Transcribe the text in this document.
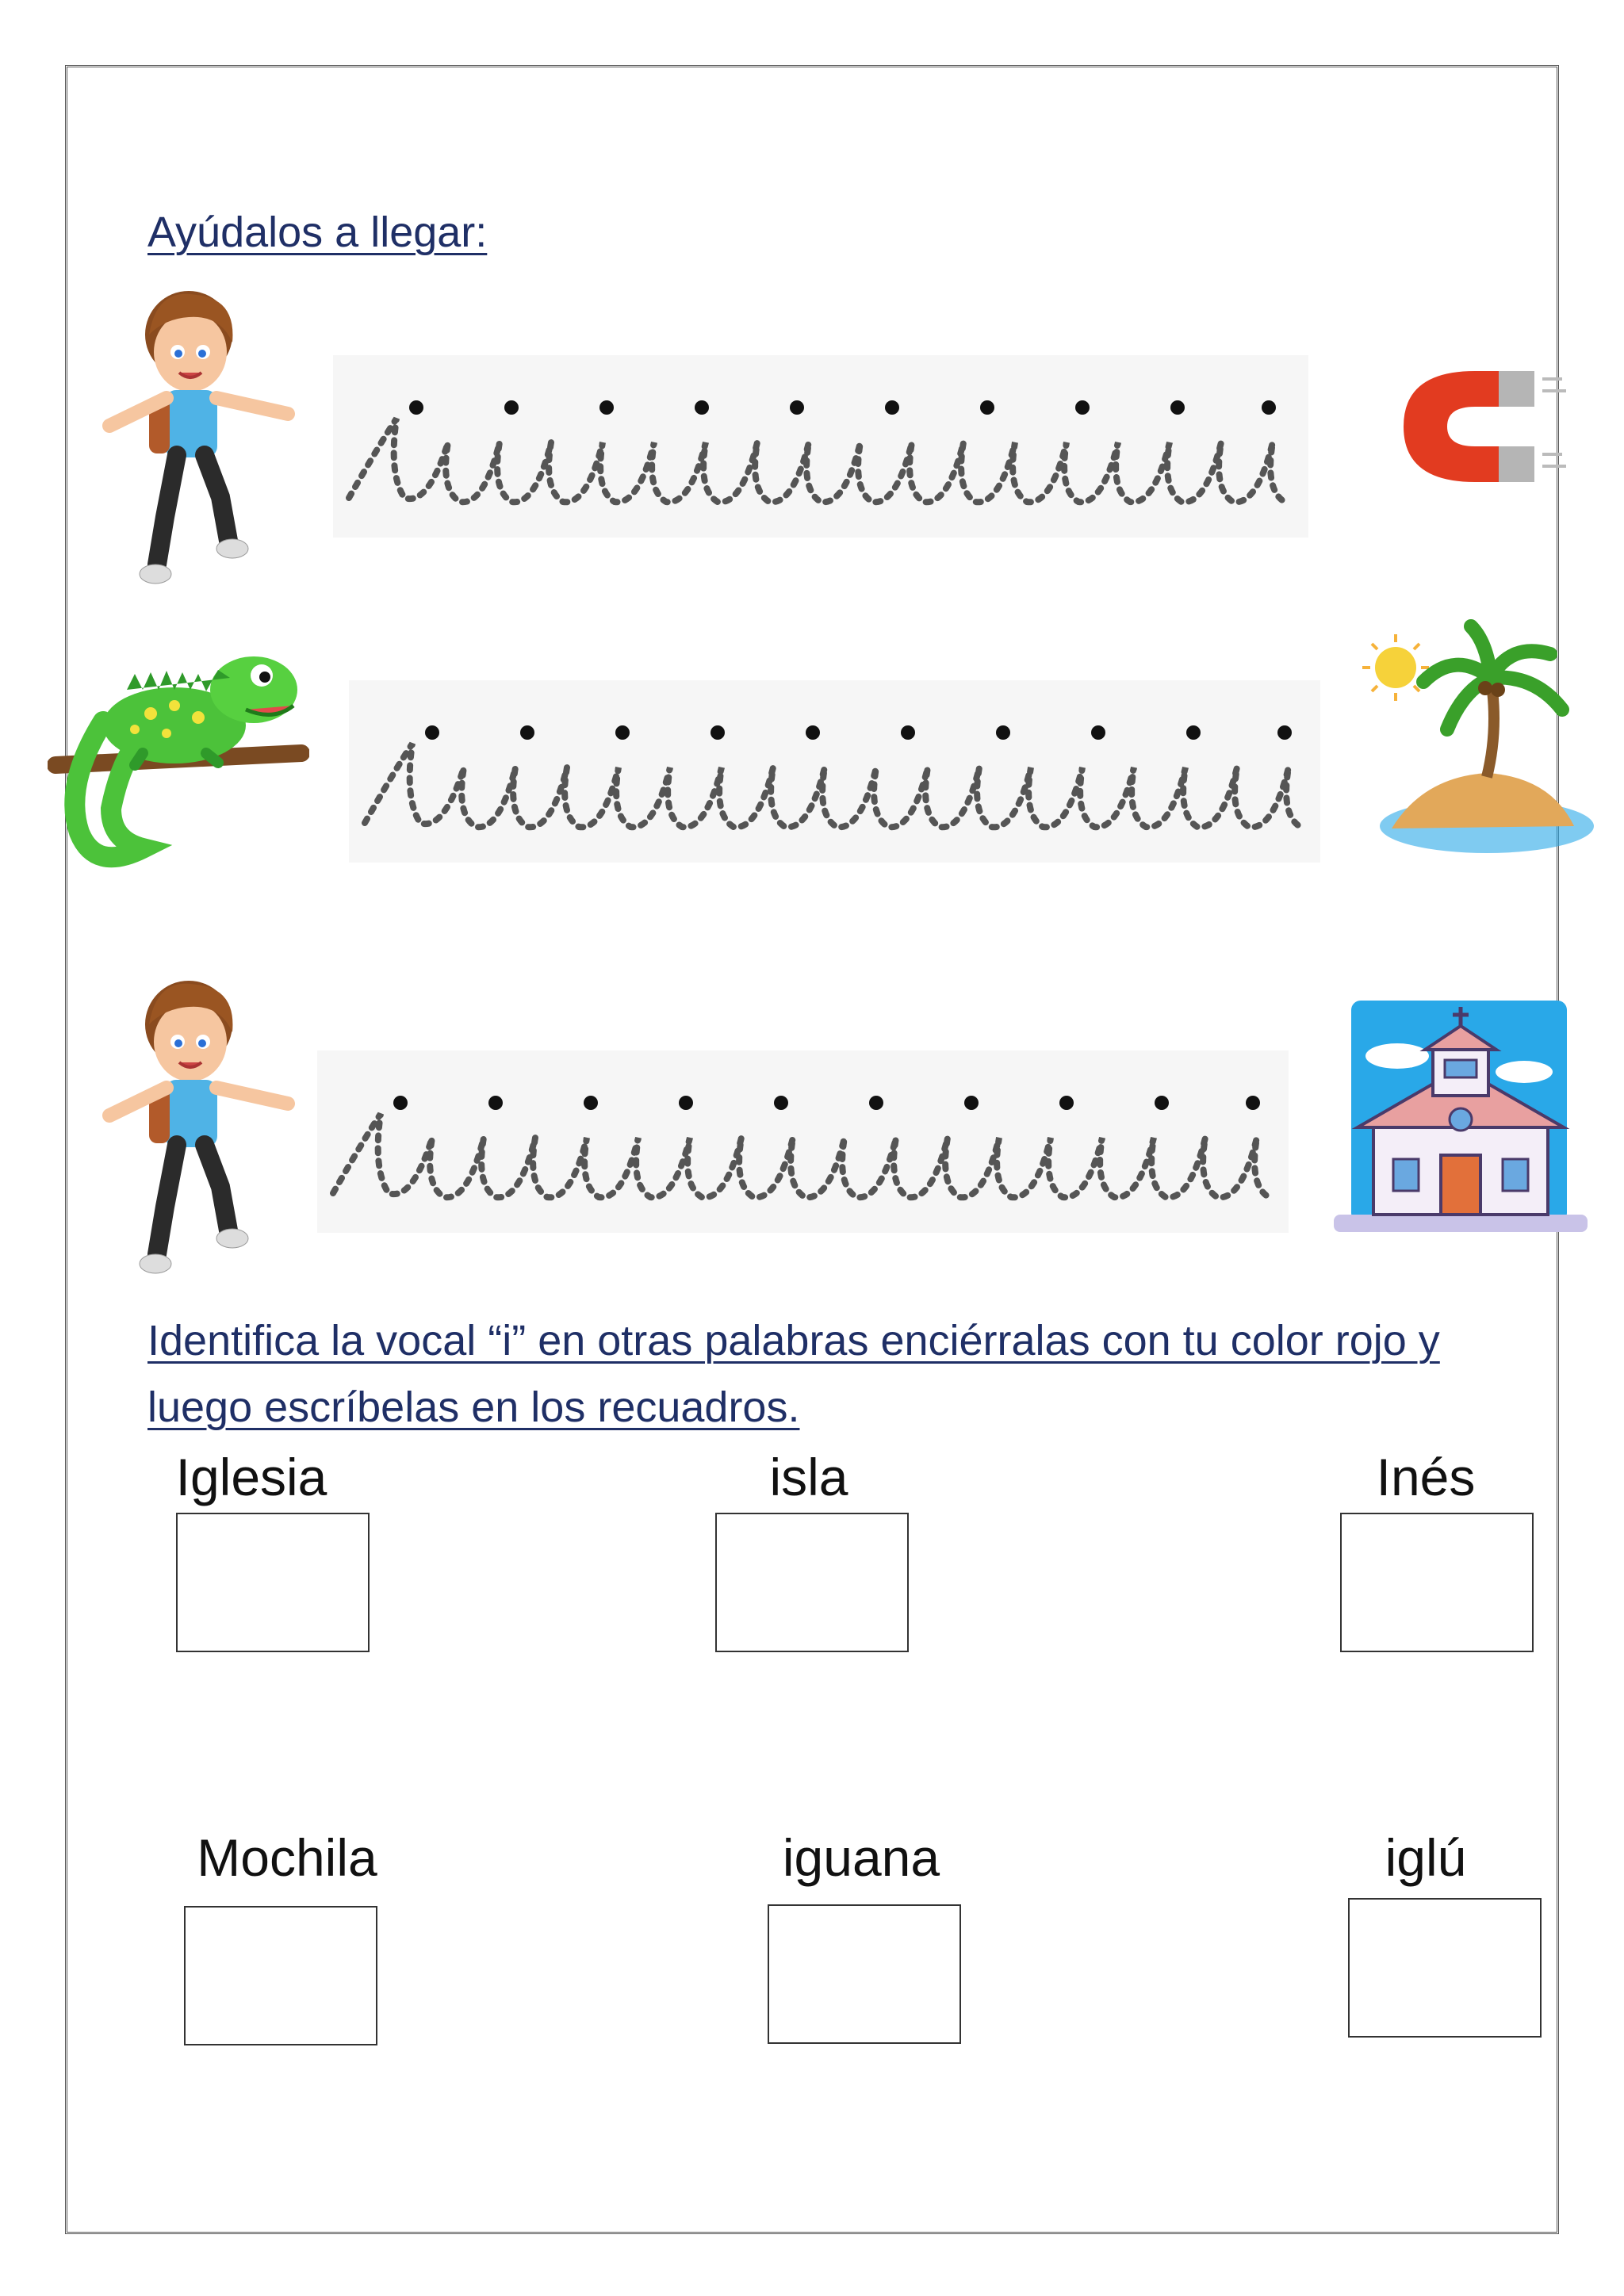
Ayúdalos a llegar:
Identifica la vocal “i” en otras palabras enciérralas con tu color rojo y luego escríbelas en los recuadros.
Iglesia	isla	Inés
Mochila	iguana	iglú
